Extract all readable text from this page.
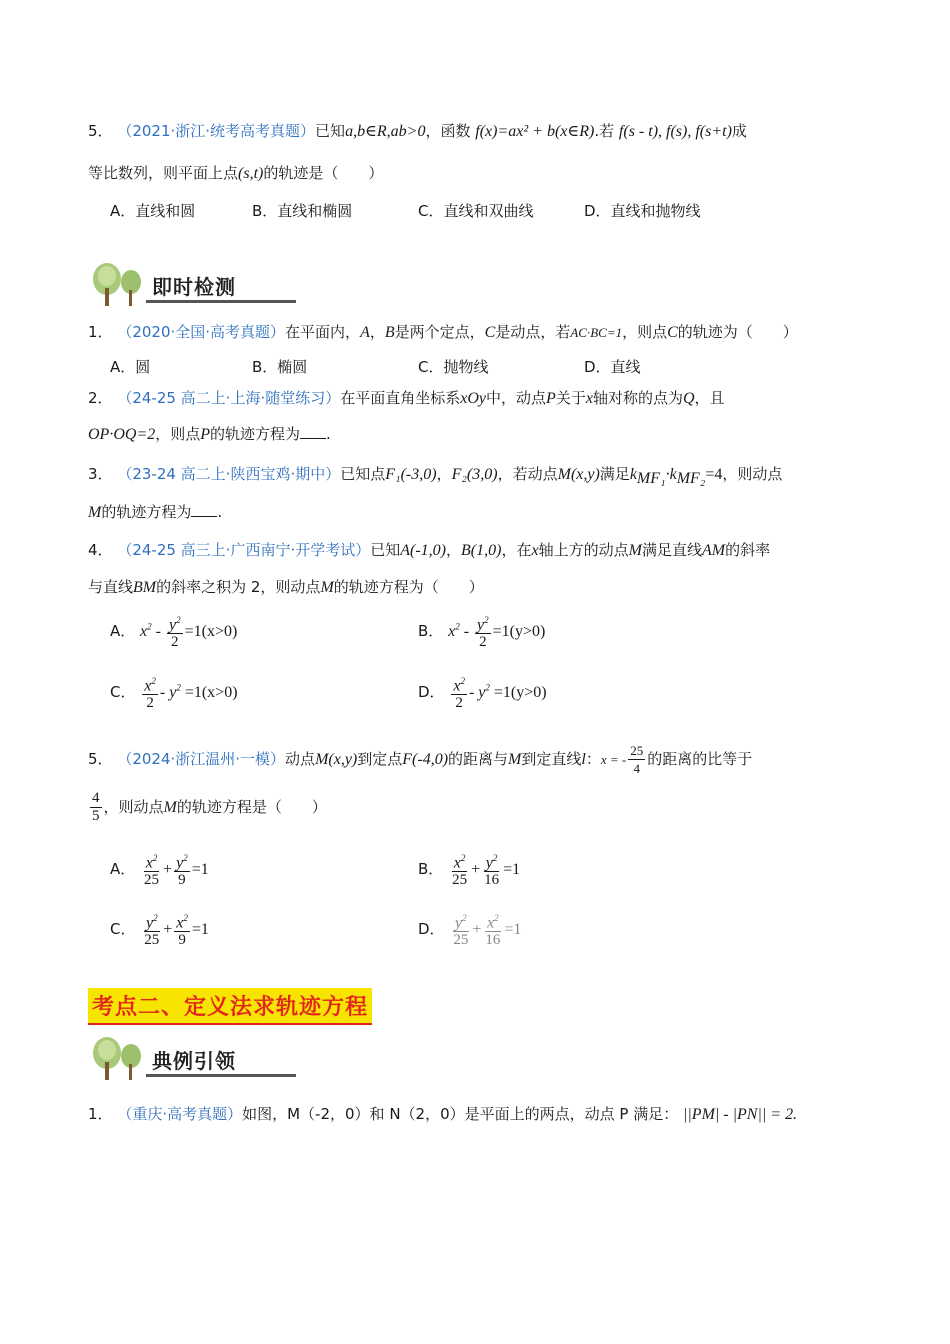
5． （2021·浙江·统考高考真题）已知a,b∈R,ab>0，函数 f(x)=ax² + b(x∈R).若 f(s - t), f(s), f(s+t)成
等比数列，则平面上点(s,t)的轨迹是（　　）
A．直线和圆	B．直线和椭圆	C．直线和双曲线	D．直线和抛物线
即时检测
1． （2020·全国·高考真题）在平面内，A，B是两个定点，C是动点，若AC·BC=1，则点C的轨迹为（　　）
A．圆	B．椭圆	C．抛物线	D．直线
2． （24-25 高二上·上海·随堂练习）在平面直角坐标系xOy中，动点P关于x轴对称的点为Q，且
OP·OQ=2，则点P的轨迹方程为 .
3． （23-24 高二上·陕西宝鸡·期中）已知点F₁(-3,0)，F₂(3,0)，若动点M(x,y)满足$k_{MF_1}\cdot k_{MF_2}=4$，则动点
M的轨迹方程为 .
4． （24-25 高三上·广西南宁·开学考试）已知A(-1,0)，B(1,0)，在x轴上方的动点M满足直线AM的斜率
与直线BM的斜率之积为 2，则动点M的轨迹方程为（　　）
A． $x^2 - \frac{y^2}{2} =1(x>0)$	B． $x^2 - \frac{y^2}{2} =1(y>0)$
C． $\frac{x^2}{2} - y^2 =1(x>0)$	D． $\frac{x^2}{2} - y^2 =1(y>0)$
5． （2024·浙江温州·一模）动点M(x,y)到定点F(-4,0)的距离与M到定直线l：x = - $\frac{25}{4}$ 的距离的比等于
$\frac{4}{5}$ ，则动点M的轨迹方程是（　　）
A． $\frac{x^2}{25} + \frac{y^2}{9} =1$	B． $\frac{x^2}{25} + \frac{y^2}{16} =1$
C． $\frac{y^2}{25} + \frac{x^2}{9} =1$	D． $\frac{y^2}{25} + \frac{x^2}{16} =1$
考点二、定义法求轨迹方程
典例引领
1． （重庆·高考真题）如图，M（-2，0）和 N（2，0）是平面上的两点，动点 P 满足： ||PM| - |PN|| = 2.
